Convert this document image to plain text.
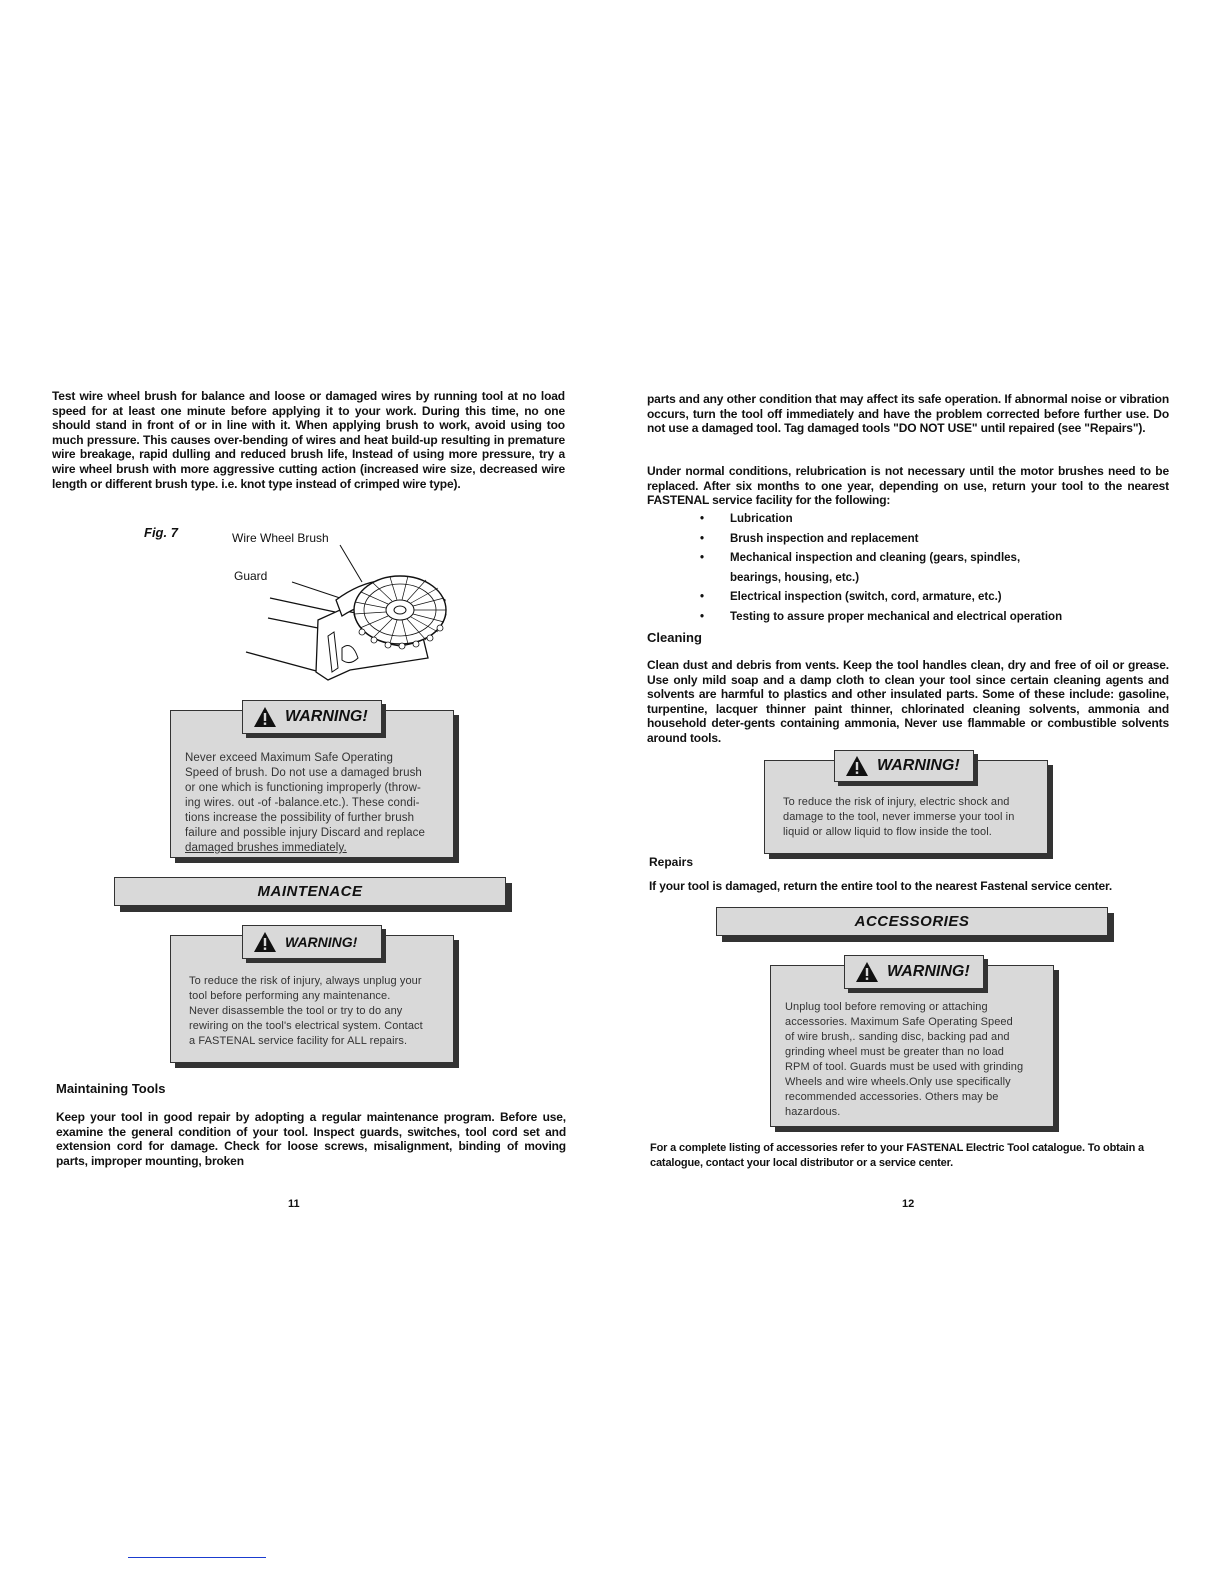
Test wire wheel brush for balance and loose or damaged wires by running tool at no load speed for at least one minute before applying it to your work. During this time, no one should stand in front of or in line with it. When applying brush to work, avoid using too much pressure. This causes over-bending of wires and heat build-up resulting in premature wire breakage, rapid dulling and reduced brush life, Instead of using more pressure, try a wire wheel brush with more aggressive cutting action (increased wire size, decreased wire length or different brush type. i.e. knot type instead of crimped wire type).
Fig. 7	Wire Wheel Brush
Guard
Never exceed Maximum Safe Operating
Speed of brush. Do not use a damaged brush
or one which is functioning improperly (throw-
ing wires. out -of -balance.etc.). These condi-
tions increase the possibility of further brush
failure and possible injury Discard and replace
damaged brushes immediately.
WARNING!
MAINTENACE
To reduce the risk of injury, always unplug your
tool before performing any maintenance.
Never disassemble the tool or try to do any
rewiring on the tool's electrical system. Contact
a FASTENAL service facility for ALL repairs.
WARNING!
Maintaining Tools
Keep your tool in good repair by adopting a regular maintenance program. Before use, examine the general condition of your tool. Inspect guards, switches, tool cord set and extension cord for damage. Check for loose screws, misalignment, binding of moving parts, improper mounting, broken
11
parts and any other condition that may affect its safe operation. If abnormal noise or vibration occurs, turn the tool off immediately and have the problem corrected before further use. Do not use a damaged tool. Tag damaged tools "DO NOT USE" until repaired (see "Repairs").
Under normal conditions, relubrication is not necessary until the motor brushes need to be replaced. After six months to one year, depending on use, return your tool to the nearest FASTENAL service facility for the following:
• Lubrication
• Brush inspection and replacement
• Mechanical inspection and cleaning (gears, spindles,
bearings, housing, etc.)
• Electrical inspection (switch, cord, armature, etc.)
• Testing to assure proper mechanical and electrical operation
Cleaning
Clean dust and debris from vents. Keep the tool handles clean, dry and free of oil or grease. Use only mild soap and a damp cloth to clean your tool since certain cleaning agents and solvents are harmful to plastics and other insulated parts. Some of these include: gasoline, turpentine, lacquer thinner paint thinner, chlorinated cleaning solvents, ammonia and household deter-gents containing ammonia, Never use flammable or combustible solvents around tools.
To reduce the risk of injury, electric shock and
damage to the tool, never immerse your tool in
liquid or allow liquid to flow inside the tool.
WARNING!
Repairs
If your tool is damaged, return the entire tool to the nearest Fastenal service center.
ACCESSORIES
Unplug tool before removing or attaching
accessories. Maximum Safe Operating Speed
of wire brush,. sanding disc, backing pad and
grinding wheel must be greater than no load
RPM of tool. Guards must be used with grinding
Wheels and wire wheels.Only use specifically
recommended accessories. Others may be
hazardous.
WARNING!
For a complete listing of accessories refer to your FASTENAL Electric Tool catalogue. To obtain a catalogue, contact your local distributor or a service center.
12
